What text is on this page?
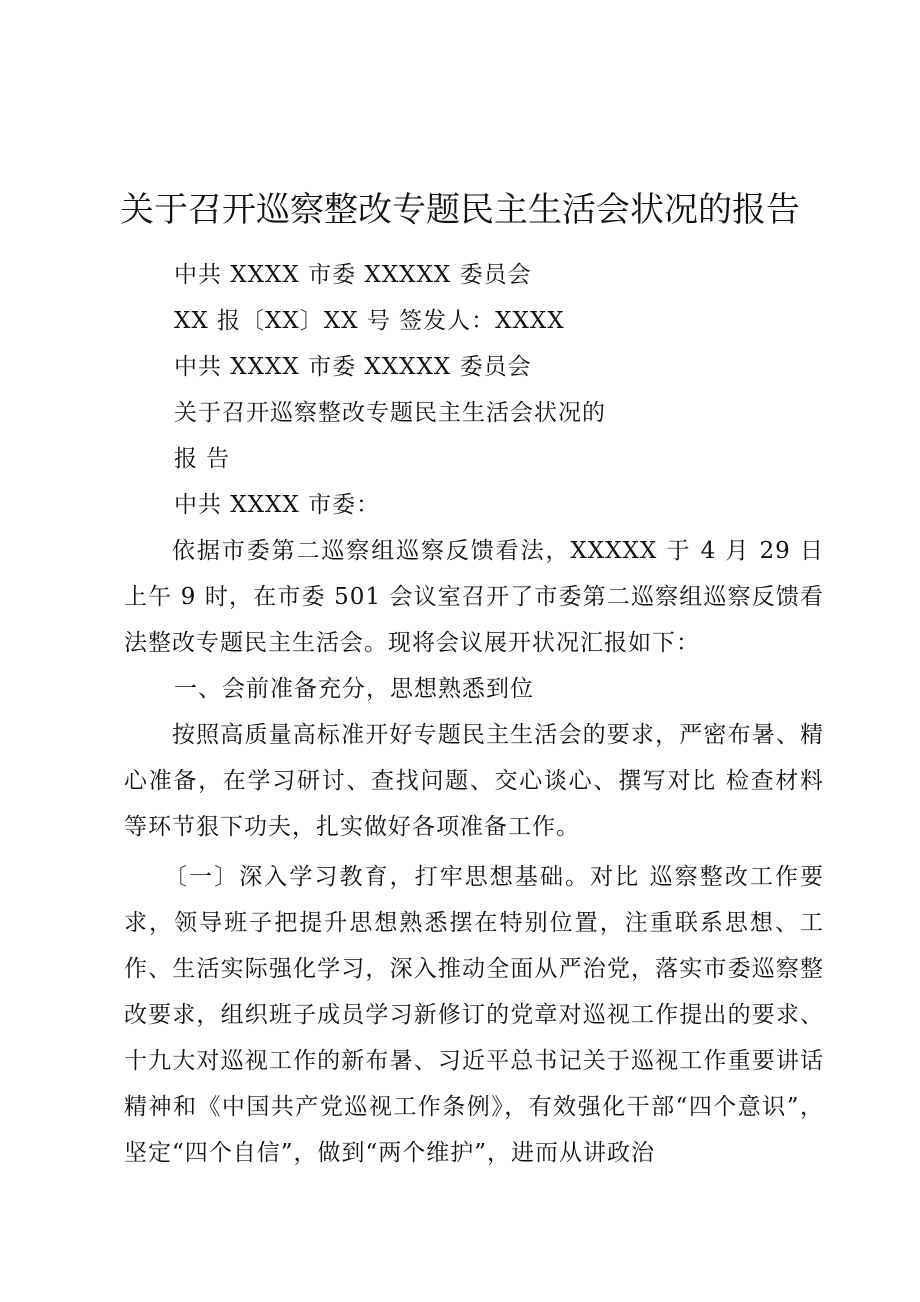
关于召开巡察整改专题民主生活会状况的报告

中共 XXXX 市委 XXXXX 委员会

XX 报〔XX〕XX 号 签发人：XXXX

中共 XXXX 市委 XXXXX 委员会

关于召开巡察整改专题民主生活会状况的

报 告

中共 XXXX 市委：

依据市委第二巡察组巡察反馈看法，XXXXX 于 4 月 29 日上午 9 时，在市委 501 会议室召开了市委第二巡察组巡察反馈看法整改专题民主生活会。现将会议展开状况汇报如下：

一、会前准备充分，思想熟悉到位

按照高质量高标准开好专题民主生活会的要求，严密布暑、精心准备，在学习研讨、查找问题、交心谈心、撰写对比 检查材料等环节狠下功夫，扎实做好各项准备工作。

〔一〕深入学习教育，打牢思想基础。对比 巡察整改工作要求，领导班子把提升思想熟悉摆在特别位置，注重联系思想、工作、生活实际强化学习，深入推动全面从严治党，落实市委巡察整改要求，组织班子成员学习新修订的党章对巡视工作提出的要求、十九大对巡视工作的新布暑、习近平总书记关于巡视工作重要讲话精神和《中国共产党巡视工作条例》，有效强化干部“四个意识”，坚定“四个自信”，做到“两个维护”，进而从讲政治
